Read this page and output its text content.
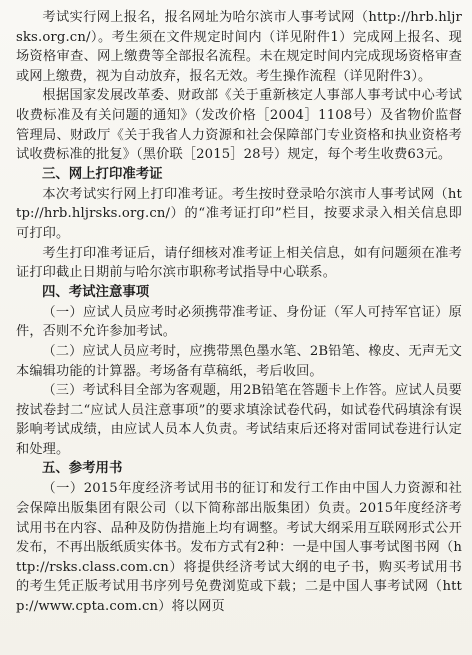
考试实行网上报名，报名网址为哈尔滨市人事考试网（http://hrb.hljrsks.org.cn/）。考生须在文件规定时间内（详见附件1）完成网上报名、现场资格审查、网上缴费等全部报名流程。未在规定时间内完成现场资格审查或网上缴费，视为自动放弃，报名无效。考生操作流程（详见附件3）。

根据国家发展改革委、财政部《关于重新核定人事部人事考试中心考试收费标准及有关问题的通知》（发改价格［2004］1108号）及省物价监督管理局、财政厅《关于我省人力资源和社会保障部门专业资格和执业资格考试收费标准的批复》（黑价联［2015］28号）规定，每个考生收费63元。

三、网上打印准考证

本次考试实行网上打印准考证。考生按时登录哈尔滨市人事考试网（http://hrb.hljrsks.org.cn/）的“准考证打印”栏目，按要求录入相关信息即可打印。

考生打印准考证后，请仔细核对准考证上相关信息，如有问题须在准考证打印截止日期前与哈尔滨市职称考试指导中心联系。

四、考试注意事项

（一）应试人员应考时必须携带准考证、身份证（军人可持军官证）原件，否则不允许参加考试。

（二）应试人员应考时，应携带黑色墨水笔、2B铅笔、橡皮、无声无文本编辑功能的计算器。考场备有草稿纸，考后收回。

（三）考试科目全部为客观题，用2B铅笔在答题卡上作答。应试人员要按试卷封二“应试人员注意事项”的要求填涂试卷代码，如试卷代码填涂有误影响考试成绩，由应试人员本人负责。考试结束后还将对雷同试卷进行认定和处理。

五、参考用书

（一）2015年度经济考试用书的征订和发行工作由中国人力资源和社会保障出版集团有限公司（以下简称部出版集团）负责。2015年度经济考试用书在内容、品种及防伪措施上均有调整。考试大纲采用互联网形式公开发布，不再出版纸质实体书。发布方式有2种：一是中国人事考试图书网（http://rsks.class.com.cn）将提供经济考试大纲的电子书，购买考试用书的考生凭正版考试用书序列号免费浏览或下载；二是中国人事考试网（http://www.cpta.com.cn）将以网页
